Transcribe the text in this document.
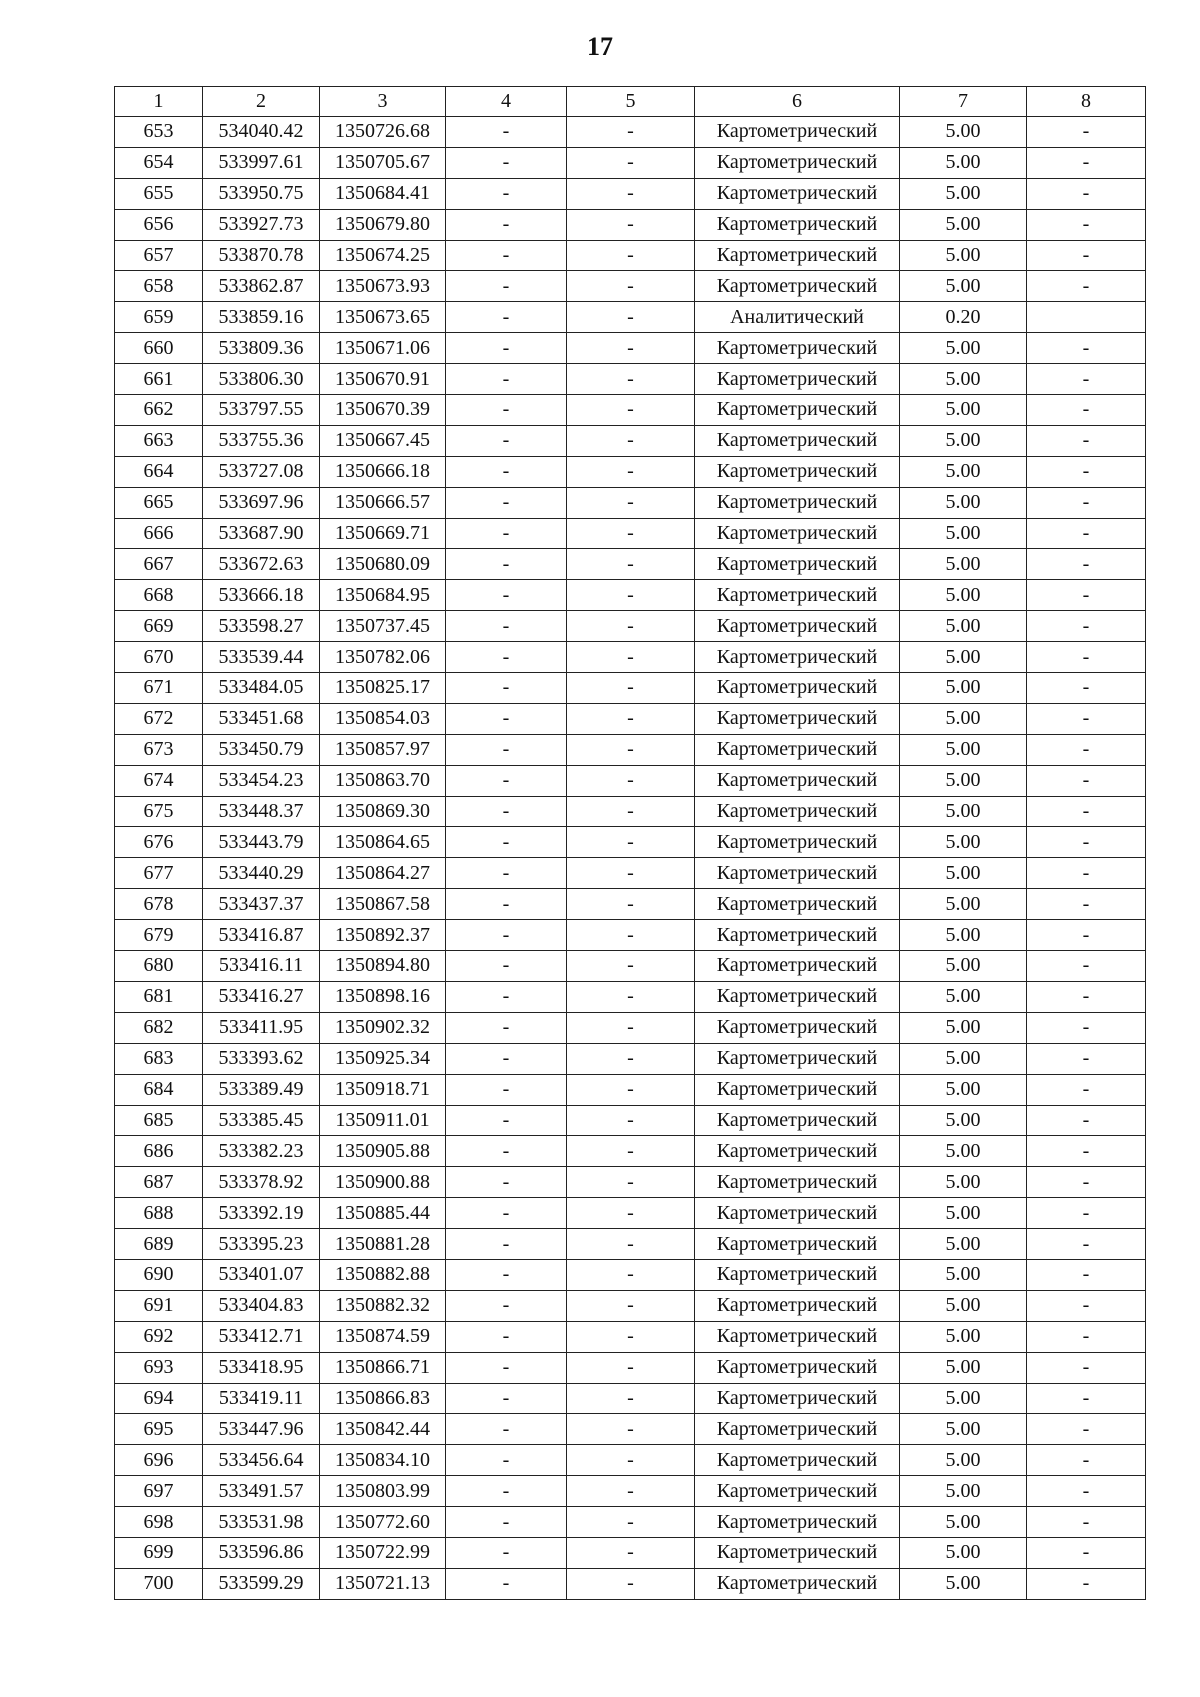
17
1	2	3	4	5	6	7	8
653	534040.42	1350726.68	-	-	Картометрический	5.00	-
654	533997.61	1350705.67	-	-	Картометрический	5.00	-
655	533950.75	1350684.41	-	-	Картометрический	5.00	-
656	533927.73	1350679.80	-	-	Картометрический	5.00	-
657	533870.78	1350674.25	-	-	Картометрический	5.00	-
658	533862.87	1350673.93	-	-	Картометрический	5.00	-
659	533859.16	1350673.65	-	-	Аналитический	0.20	
660	533809.36	1350671.06	-	-	Картометрический	5.00	-
661	533806.30	1350670.91	-	-	Картометрический	5.00	-
662	533797.55	1350670.39	-	-	Картометрический	5.00	-
663	533755.36	1350667.45	-	-	Картометрический	5.00	-
664	533727.08	1350666.18	-	-	Картометрический	5.00	-
665	533697.96	1350666.57	-	-	Картометрический	5.00	-
666	533687.90	1350669.71	-	-	Картометрический	5.00	-
667	533672.63	1350680.09	-	-	Картометрический	5.00	-
668	533666.18	1350684.95	-	-	Картометрический	5.00	-
669	533598.27	1350737.45	-	-	Картометрический	5.00	-
670	533539.44	1350782.06	-	-	Картометрический	5.00	-
671	533484.05	1350825.17	-	-	Картометрический	5.00	-
672	533451.68	1350854.03	-	-	Картометрический	5.00	-
673	533450.79	1350857.97	-	-	Картометрический	5.00	-
674	533454.23	1350863.70	-	-	Картометрический	5.00	-
675	533448.37	1350869.30	-	-	Картометрический	5.00	-
676	533443.79	1350864.65	-	-	Картометрический	5.00	-
677	533440.29	1350864.27	-	-	Картометрический	5.00	-
678	533437.37	1350867.58	-	-	Картометрический	5.00	-
679	533416.87	1350892.37	-	-	Картометрический	5.00	-
680	533416.11	1350894.80	-	-	Картометрический	5.00	-
681	533416.27	1350898.16	-	-	Картометрический	5.00	-
682	533411.95	1350902.32	-	-	Картометрический	5.00	-
683	533393.62	1350925.34	-	-	Картометрический	5.00	-
684	533389.49	1350918.71	-	-	Картометрический	5.00	-
685	533385.45	1350911.01	-	-	Картометрический	5.00	-
686	533382.23	1350905.88	-	-	Картометрический	5.00	-
687	533378.92	1350900.88	-	-	Картометрический	5.00	-
688	533392.19	1350885.44	-	-	Картометрический	5.00	-
689	533395.23	1350881.28	-	-	Картометрический	5.00	-
690	533401.07	1350882.88	-	-	Картометрический	5.00	-
691	533404.83	1350882.32	-	-	Картометрический	5.00	-
692	533412.71	1350874.59	-	-	Картометрический	5.00	-
693	533418.95	1350866.71	-	-	Картометрический	5.00	-
694	533419.11	1350866.83	-	-	Картометрический	5.00	-
695	533447.96	1350842.44	-	-	Картометрический	5.00	-
696	533456.64	1350834.10	-	-	Картометрический	5.00	-
697	533491.57	1350803.99	-	-	Картометрический	5.00	-
698	533531.98	1350772.60	-	-	Картометрический	5.00	-
699	533596.86	1350722.99	-	-	Картометрический	5.00	-
700	533599.29	1350721.13	-	-	Картометрический	5.00	-
